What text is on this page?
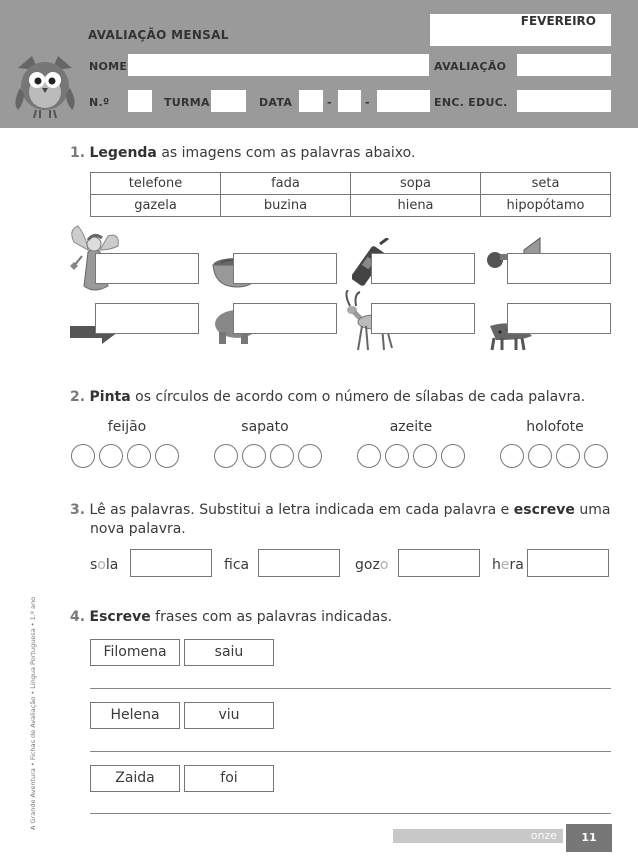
AVALIAÇÃO MENSAL
FEVEREIRO
NOME	AVALIAÇÃO
N.º	TURMA	DATA	-	-	ENC. EDUC.
A Grande Aventura • Fichas de Avaliação • Língua Portuguesa • 1.º ano
1. Legenda as imagens com as palavras abaixo.
telefone	fada	sopa	seta
gazela	buzina	hiena	hipopótamo
2. Pinta os círculos de acordo com o número de sílabas de cada palavra.
feijão	sapato	azeite	holofote
3. Lê as palavras. Substitui a letra indicada em cada palavra e escreve uma
nova palavra.
sola	fca	gozo	hera
4. Escreve frases com as palavras indicadas.
Filomena	saiu
Helena	viu
Zaida	foi
onze	11
